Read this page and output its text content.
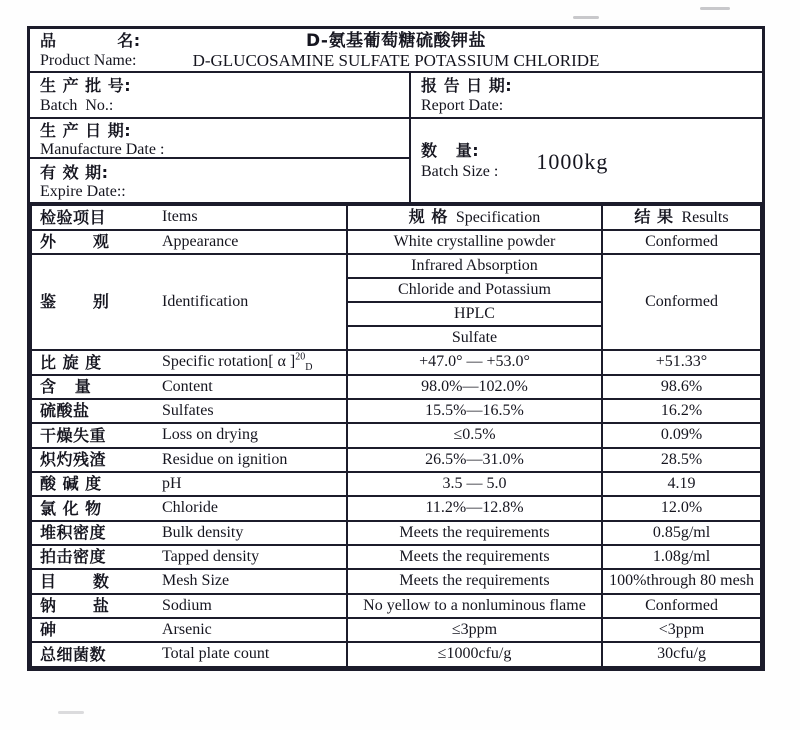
品          名:	D-氨基葡萄糖硫酸钾盐
Product Name:	D-GLUCOSAMINE SULFATE POTASSIUM CHLORIDE
生 产 批 号:
Batch  No.:
报 告 日 期:
Report Date:
生 产 日 期:
Manufacture Date :
有 效 期:
Expire Date::
数   量:
Batch Size : 1000kg
检验项目 Items	规 格 Specification	结 果 Results
外      观 Appearance	White crystalline powder	Conformed
鉴      别 Identification	Infrared Absorption	Conformed
	Chloride and Potassium	
	HPLC	
	Sulfate	
比 旋 度 Specific rotation[ α ]$^{20}_D$	+47.0° — +53.0°	+51.33°
含   量 Content	98.0%—102.0%	98.6%
硫酸盐 Sulfates	15.5%—16.5%	16.2%
干燥失重 Loss on drying	≤0.5%	0.09%
炽灼残渣 Residue on ignition	26.5%—31.0%	28.5%
酸 碱 度 pH	3.5 — 5.0	4.19
氯 化 物 Chloride	11.2%—12.8%	12.0%
堆积密度 Bulk density	Meets the requirements	0.85g/ml
拍击密度 Tapped density	Meets the requirements	1.08g/ml
目      数 Mesh Size	Meets the requirements	100%through 80 mesh
钠      盐 Sodium	No yellow to a nonluminous flame	Conformed
砷 Arsenic	≤3ppm	<3ppm
总细菌数 Total plate count	≤1000cfu/g	30cfu/g
